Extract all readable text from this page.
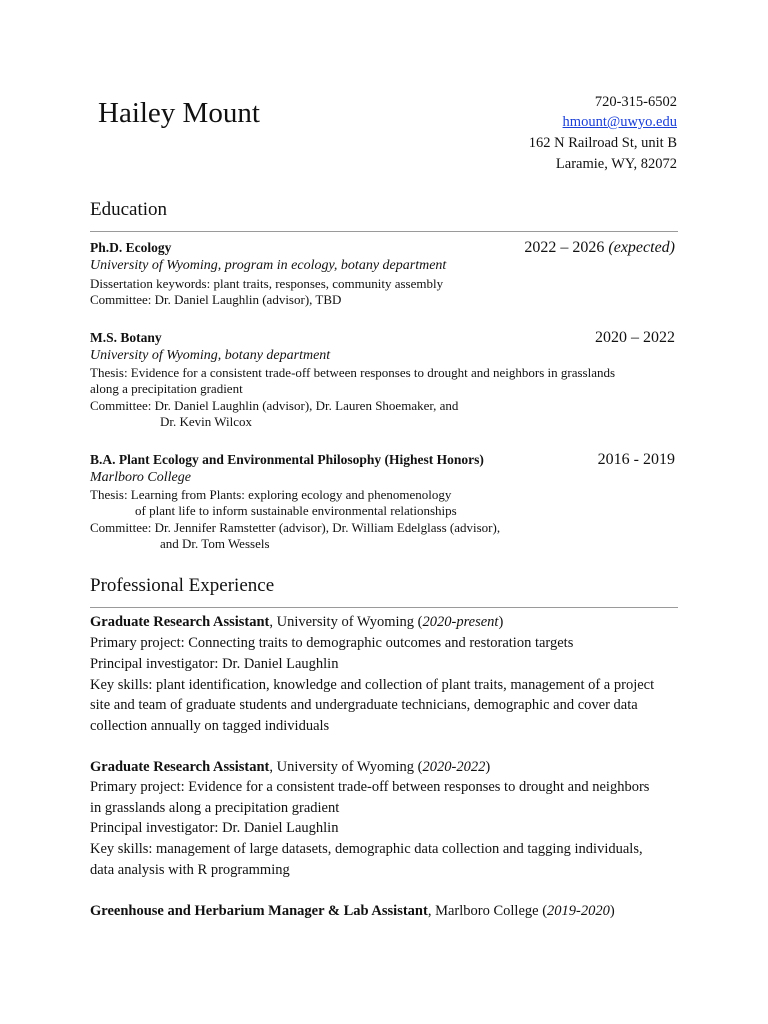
Hailey Mount	720-315-6502
hmount@uwyo.edu
162 N Railroad St, unit B
Laramie, WY, 82072
Education
Ph.D. Ecology	2022 – 2026 (expected)
University of Wyoming, program in ecology, botany department
Dissertation keywords: plant traits, responses, community assembly
Committee: Dr. Daniel Laughlin (advisor), TBD
M.S. Botany	2020 – 2022
University of Wyoming, botany department
Thesis: Evidence for a consistent trade-off between responses to drought and neighbors in grasslands
along a precipitation gradient
Committee: Dr. Daniel Laughlin (advisor), Dr. Lauren Shoemaker, and
Dr. Kevin Wilcox
B.A. Plant Ecology and Environmental Philosophy (Highest Honors)	2016 - 2019
Marlboro College
Thesis: Learning from Plants: exploring ecology and phenomenology
of plant life to inform sustainable environmental relationships
Committee: Dr. Jennifer Ramstetter (advisor), Dr. William Edelglass (advisor),
and Dr. Tom Wessels
Professional Experience
Graduate Research Assistant, University of Wyoming (2020-present)
Primary project: Connecting traits to demographic outcomes and restoration targets
Principal investigator: Dr. Daniel Laughlin
Key skills: plant identification, knowledge and collection of plant traits, management of a project
site and team of graduate students and undergraduate technicians, demographic and cover data
collection annually on tagged individuals
Graduate Research Assistant, University of Wyoming (2020-2022)
Primary project: Evidence for a consistent trade-off between responses to drought and neighbors
in grasslands along a precipitation gradient
Principal investigator: Dr. Daniel Laughlin
Key skills: management of large datasets, demographic data collection and tagging individuals,
data analysis with R programming
Greenhouse and Herbarium Manager & Lab Assistant, Marlboro College (2019-2020)
